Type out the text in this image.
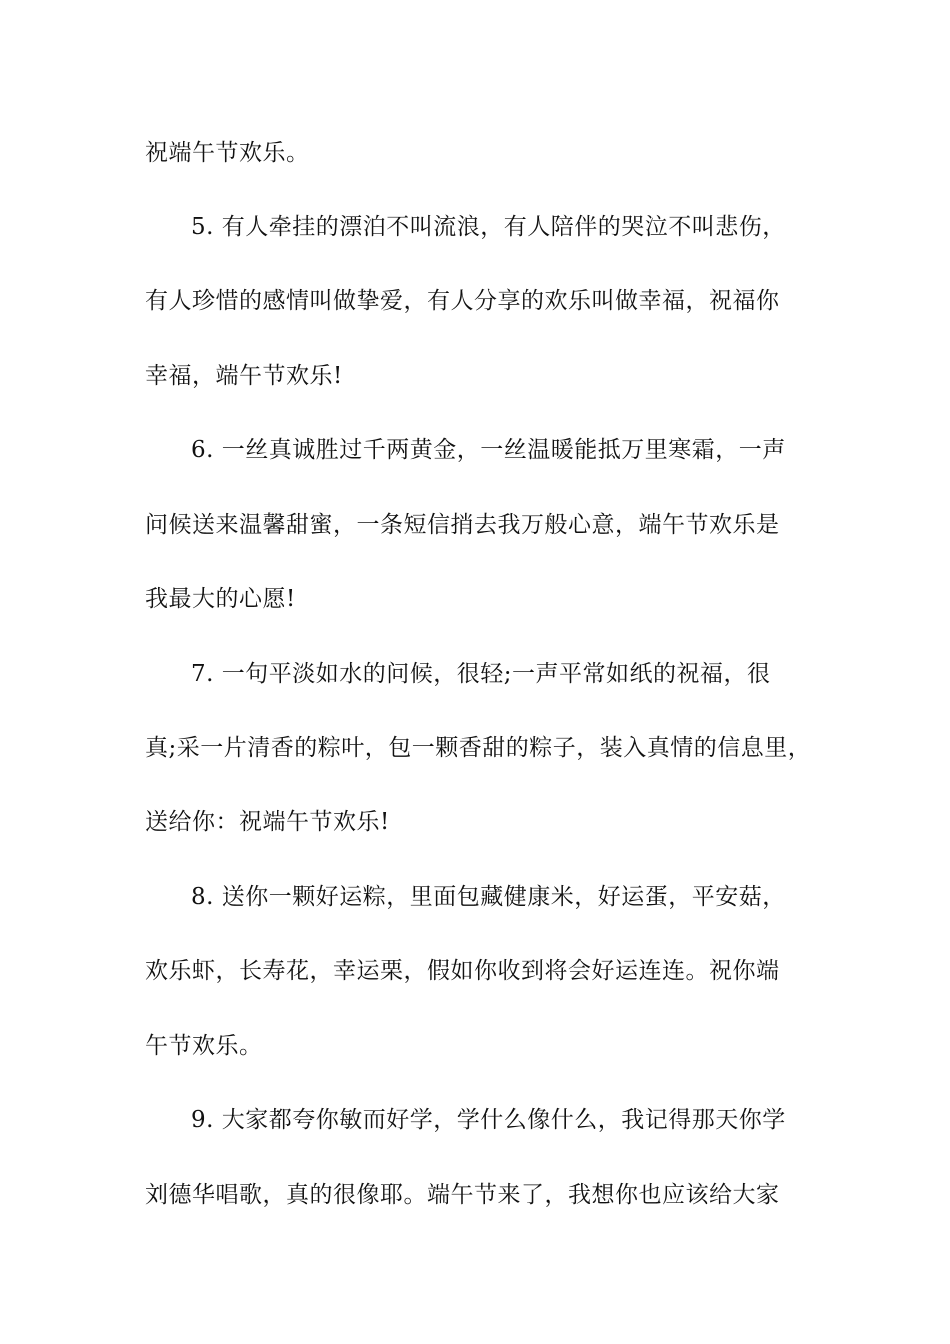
祝端午节欢乐。
5. 有人牵挂的漂泊不叫流浪，有人陪伴的哭泣不叫悲伤，
有人珍惜的感情叫做挚爱，有人分享的欢乐叫做幸福，祝福你
幸福，端午节欢乐!
6. 一丝真诚胜过千两黄金，一丝温暖能抵万里寒霜，一声
问候送来温馨甜蜜，一条短信捎去我万般心意，端午节欢乐是
我最大的心愿!
7. 一句平淡如水的问候，很轻;一声平常如纸的祝福，很
真;采一片清香的粽叶，包一颗香甜的粽子，装入真情的信息里，
送给你：祝端午节欢乐!
8. 送你一颗好运粽，里面包藏健康米，好运蛋，平安菇，
欢乐虾，长寿花，幸运栗，假如你收到将会好运连连。祝你端
午节欢乐。
9. 大家都夸你敏而好学，学什么像什么，我记得那天你学
刘德华唱歌，真的很像耶。端午节来了，我想你也应该给大家
